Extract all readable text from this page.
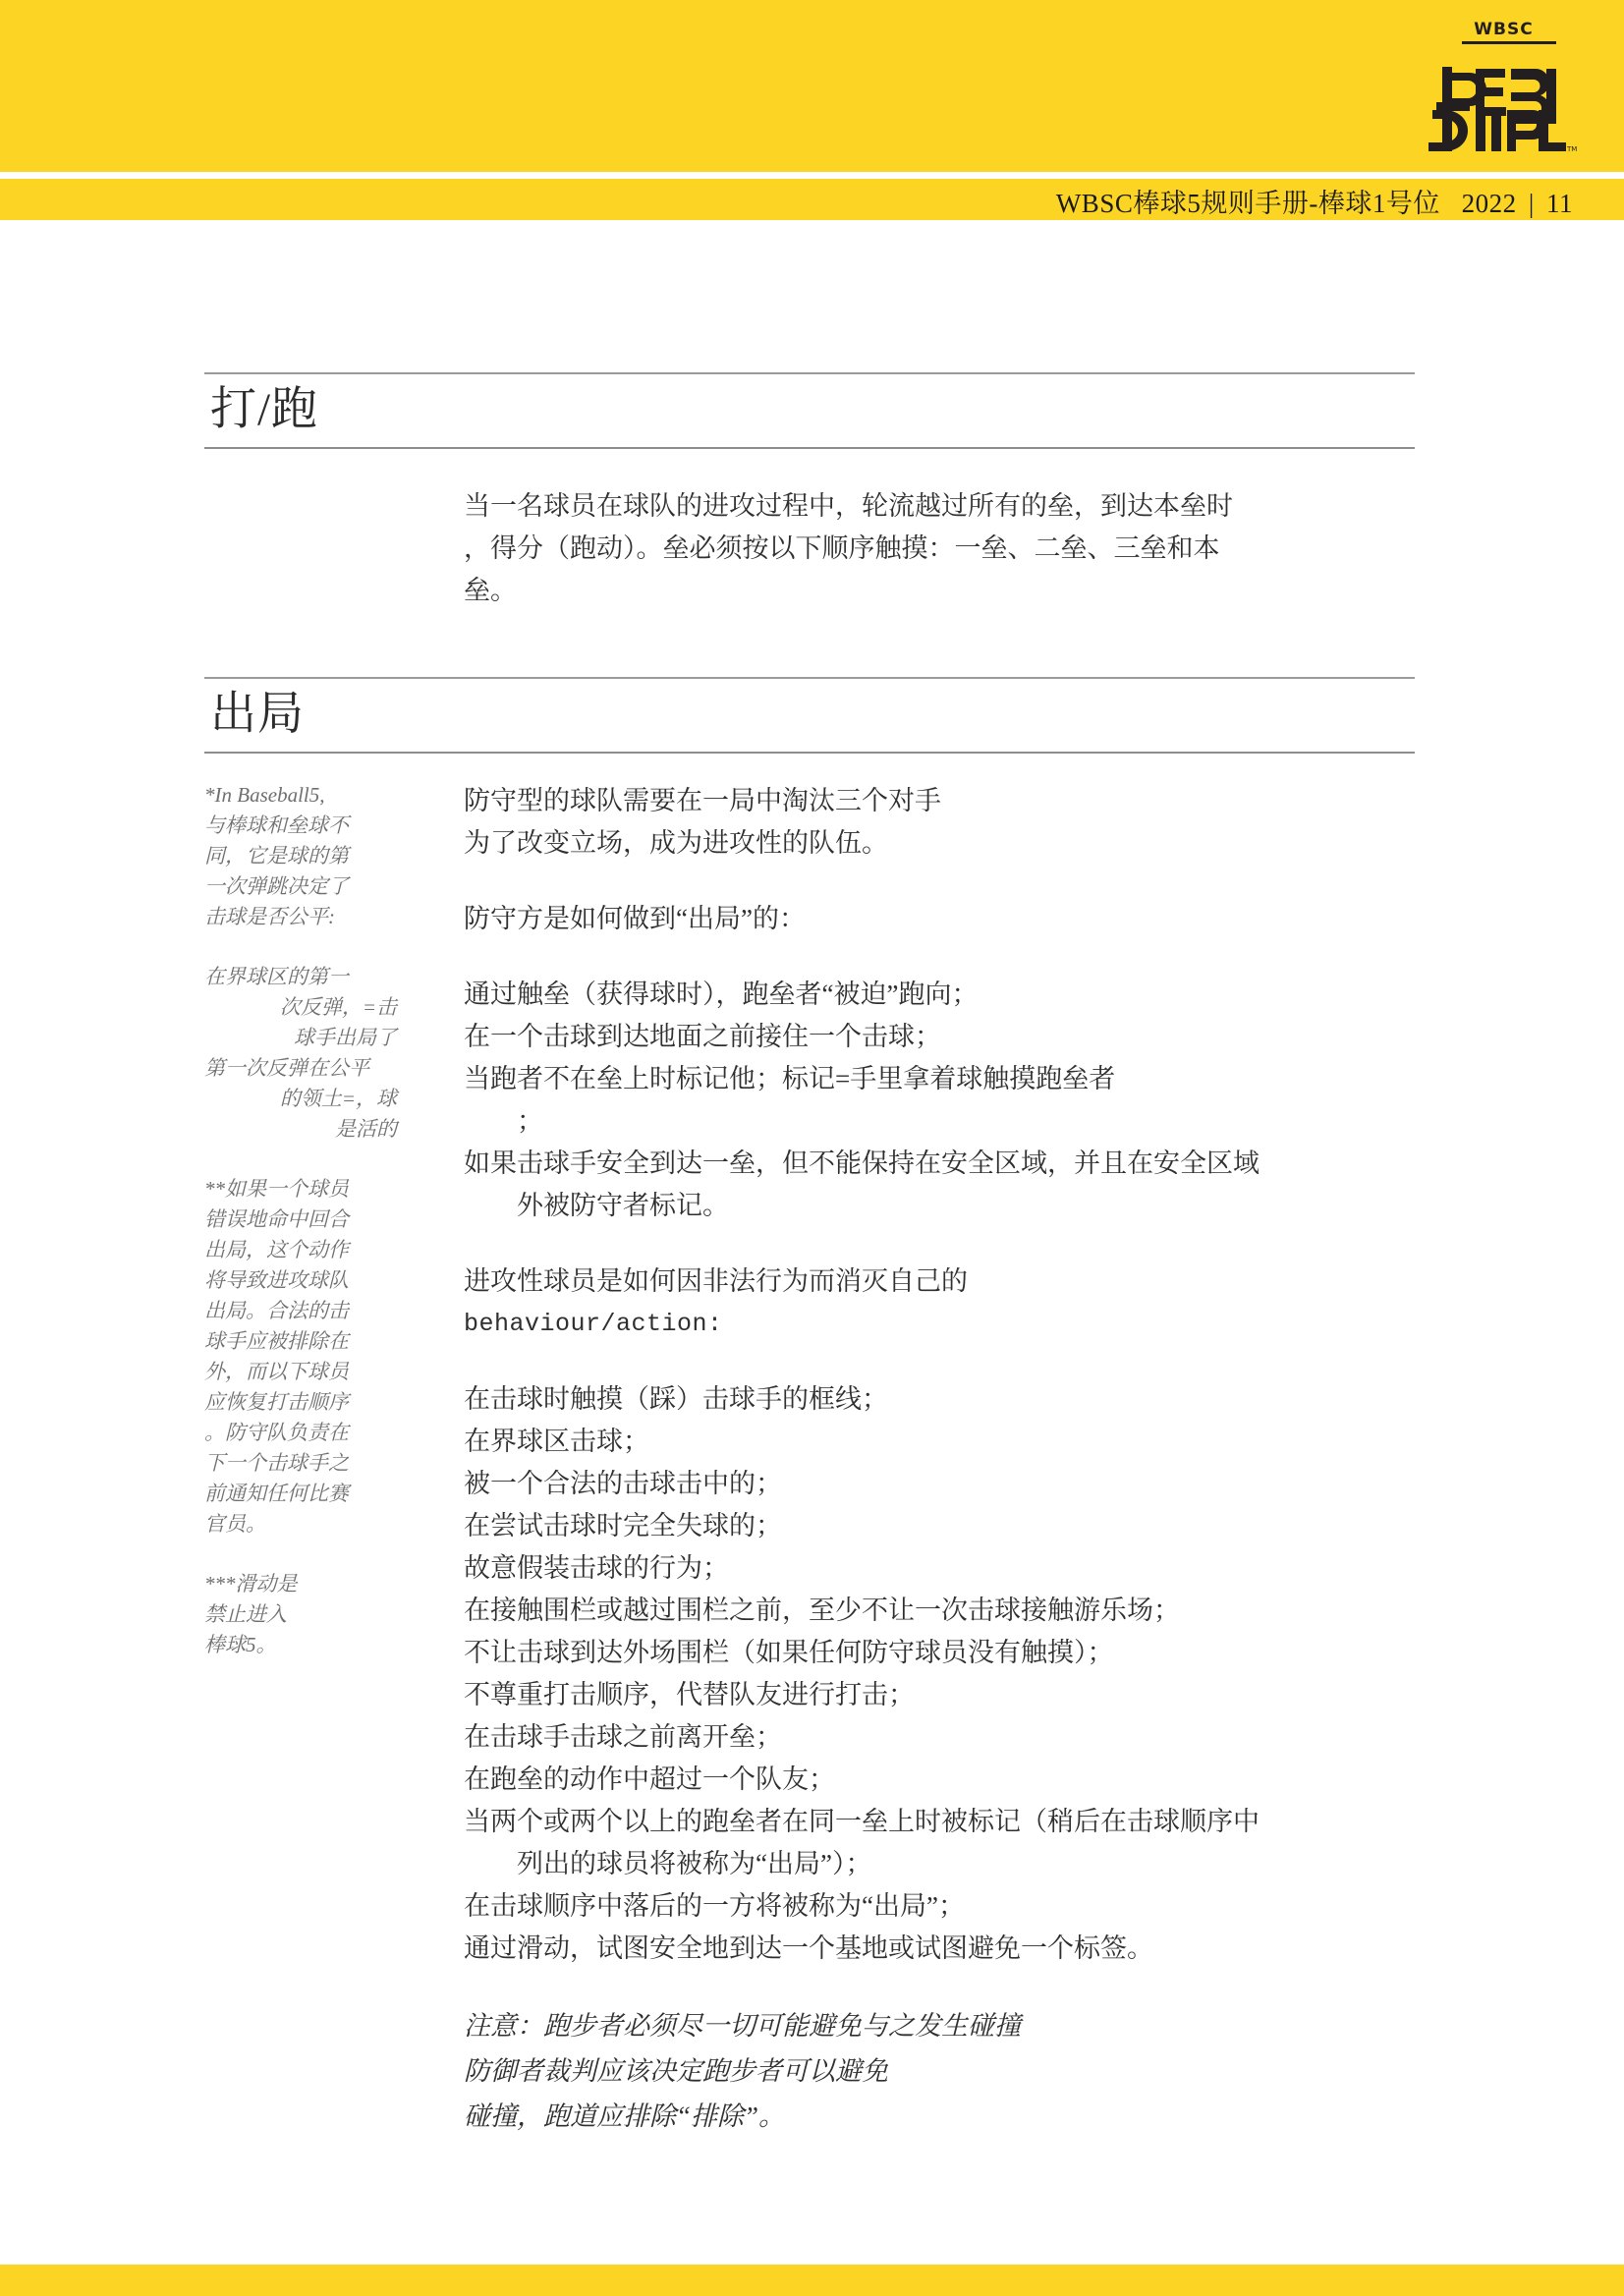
WBSC
TM
WBSC棒球5规则手册-棒球1号位 2022 | 11
打/跑

当一名球员在球队的进攻过程中，轮流越过所有的垒，到达本垒时

，得分（跑动）。垒必须按以下顺序触摸：一垒、二垒、三垒和本

垒。

出局

防守型的球队需要在一局中淘汰三个对手

为了改变立场，成为进攻性的队伍。

防守方是如何做到“出局”的：

通过触垒（获得球时），跑垒者“被迫”跑向；

在一个击球到达地面之前接住一个击球；

当跑者不在垒上时标记他；标记=手里拿着球触摸跑垒者

；

如果击球手安全到达一垒，但不能保持在安全区域，并且在安全区域

外被防守者标记。

进攻性球员是如何因非法行为而消灭自己的

behaviour/action:

在击球时触摸（踩）击球手的框线；

在界球区击球；

被一个合法的击球击中的；

在尝试击球时完全失球的；

故意假装击球的行为；

在接触围栏或越过围栏之前，至少不让一次击球接触游乐场；

不让击球到达外场围栏（如果任何防守球员没有触摸）；

不尊重打击顺序，代替队友进行打击；

在击球手击球之前离开垒；

在跑垒的动作中超过一个队友；

当两个或两个以上的跑垒者在同一垒上时被标记（稍后在击球顺序中

列出的球员将被称为“出局”）；

在击球顺序中落后的一方将被称为“出局”；

通过滑动，试图安全地到达一个基地或试图避免一个标签。

注意：跑步者必须尽一切可能避免与之发生碰撞

防御者裁判应该决定跑步者可以避免

碰撞，跑道应排除“排除”。

*In Baseball5,

与棒球和垒球不

同，它是球的第

一次弹跳决定了

击球是否公平:

在界球区的第一

次反弹，=击

球手出局了

第一次反弹在公平

的领土=，球

是活的

**如果一个球员

错误地命中回合

出局，这个动作

将导致进攻球队

出局。合法的击

球手应被排除在

外，而以下球员

应恢复打击顺序

。防守队负责在

下一个击球手之

前通知任何比赛

官员。

***滑动是

禁止进入

棒球5。
